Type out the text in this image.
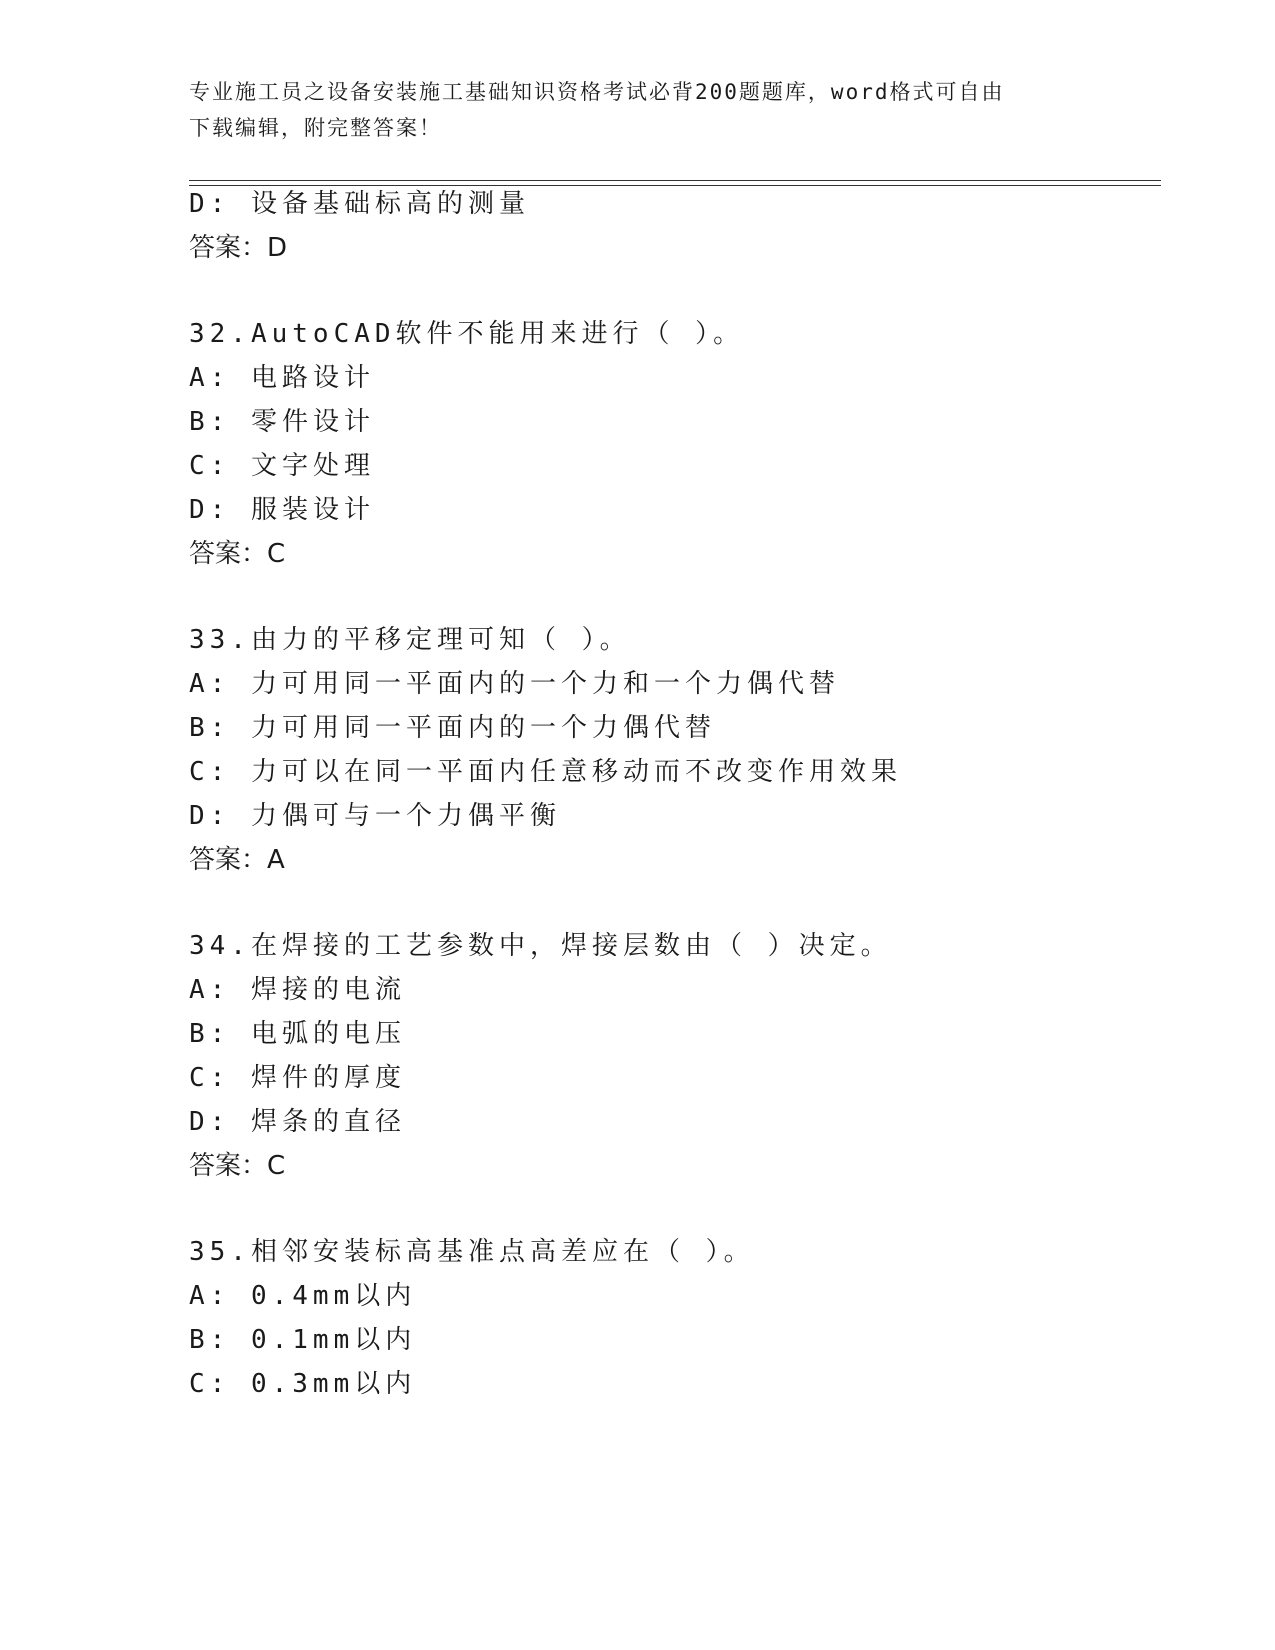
专业施工员之设备安装施工基础知识资格考试必背200题题库，word格式可自由
下载编辑，附完整答案！
D: 设备基础标高的测量
答案：D
32.AutoCAD软件不能用来进行（ ）。
A: 电路设计
B: 零件设计
C: 文字处理
D: 服装设计
答案：C
33.由力的平移定理可知（ ）。
A: 力可用同一平面内的一个力和一个力偶代替
B: 力可用同一平面内的一个力偶代替
C: 力可以在同一平面内任意移动而不改变作用效果
D: 力偶可与一个力偶平衡
答案：A
34.在焊接的工艺参数中，焊接层数由（ ）决定。
A: 焊接的电流
B: 电弧的电压
C: 焊件的厚度
D: 焊条的直径
答案：C
35.相邻安装标高基准点高差应在（ ）。
A: 0.4mm以内
B: 0.1mm以内
C: 0.3mm以内
